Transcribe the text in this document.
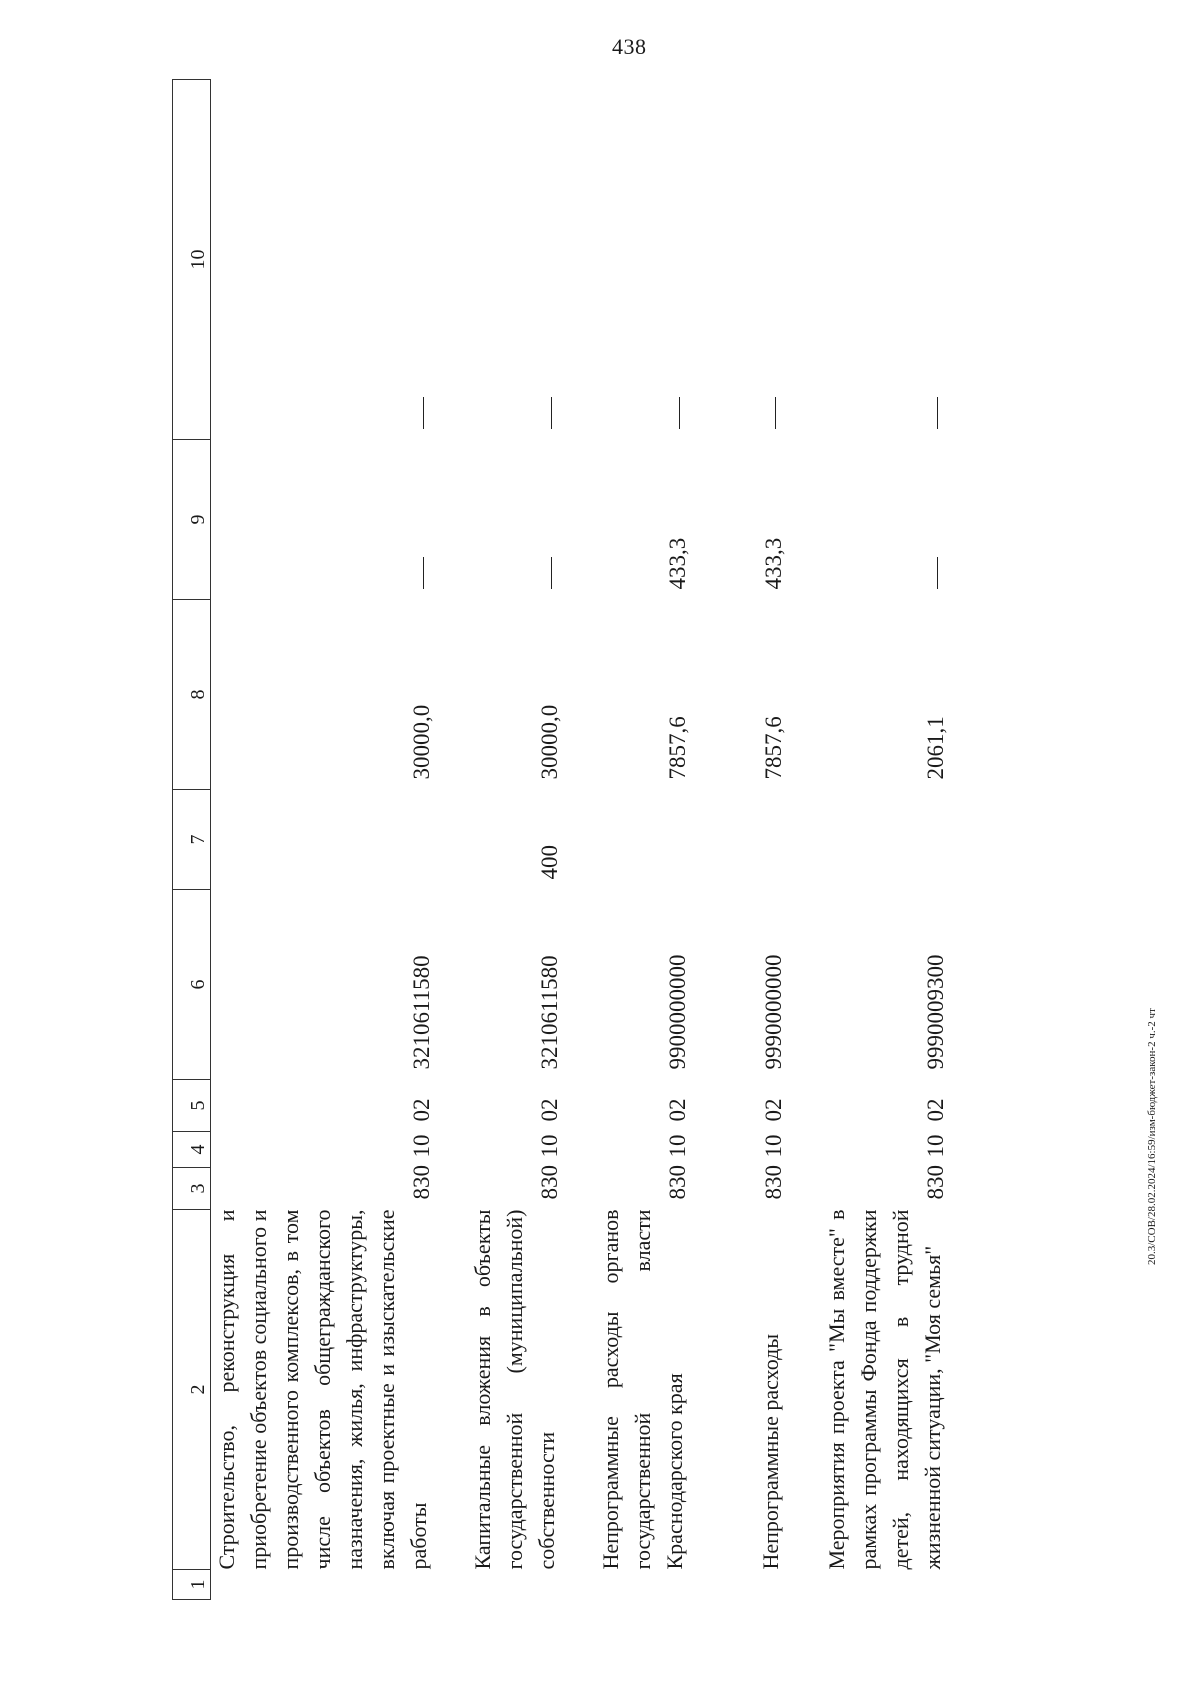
438
20.3/СОВ/28.02.2024/16:59/изм-бюджет-закон-2 ч.-2 чт
1	2	3	4	5	6	7	8	9	10
	Строительство, реконструкция и приобретение объектов социального и производственного комплексов, в том числе объектов общегражданского назначения, жилья, инфраструктуры, включая проектные и изыскательские работы	830	10	02	3210611580		30000,0		
	Капитальные вложения в объекты государственной (муниципальной) собственности	830	10	02	3210611580	400	30000,0		
	Непрограммные расходы органов государственной власти Краснодарского края	830	10	02	9900000000		7857,6	433,3	
	Непрограммные расходы	830	10	02	9990000000		7857,6	433,3	
	Мероприятия проекта "Мы вместе" в рамках программы Фонда поддержки детей, находящихся в трудной жизненной ситуации, "Моя семья"	830	10	02	9990009300		2061,1		
